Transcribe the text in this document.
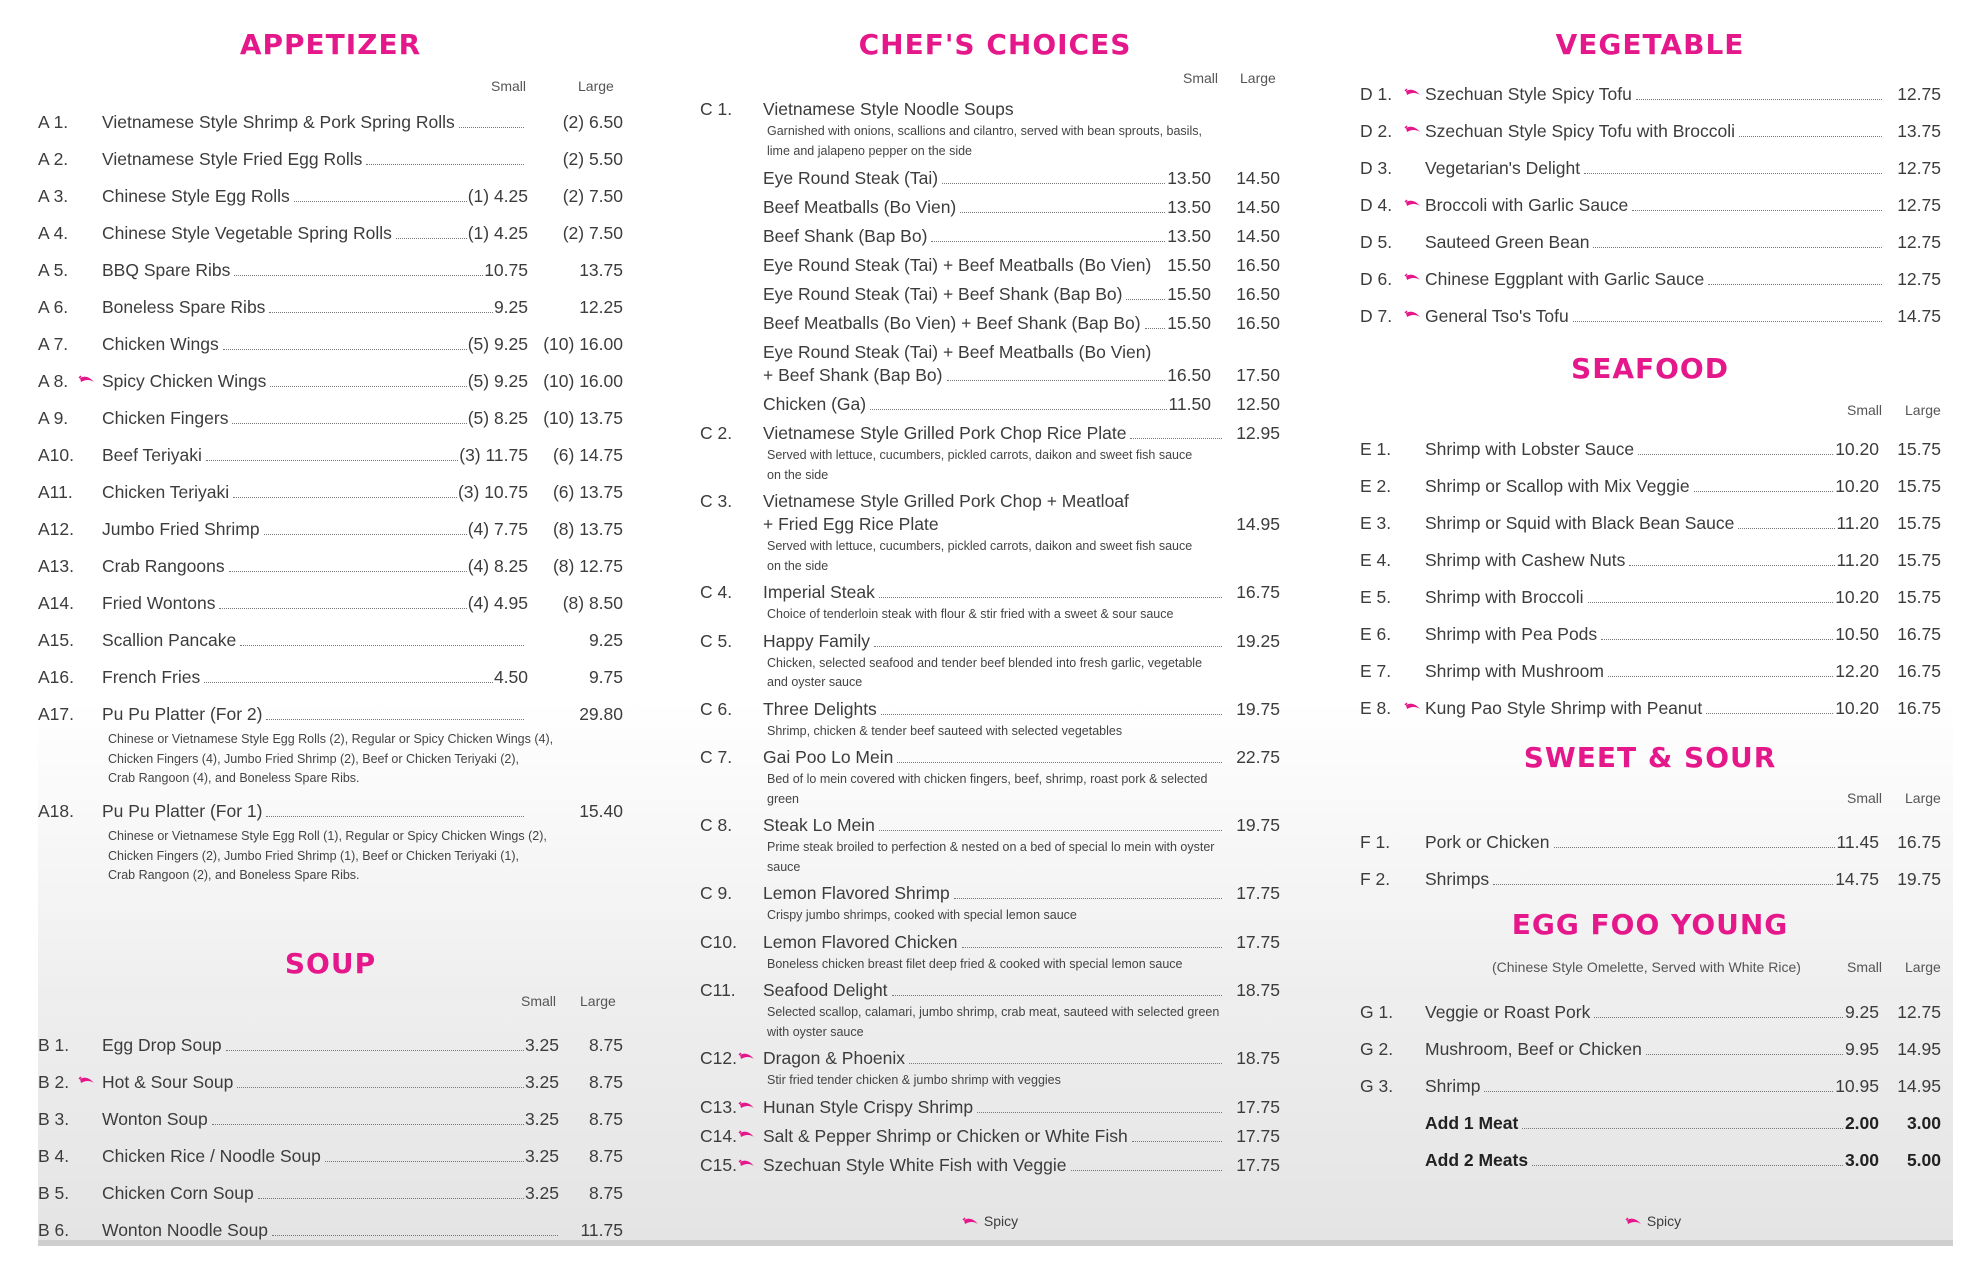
APPETIZER
Small	Large
A 1. Vietnamese Style Shrimp & Pork Spring Rolls	(2) 6.50
A 2. Vietnamese Style Fried Egg Rolls	(2) 5.50
A 3. Chinese Style Egg Rolls	(1) 4.25 (2) 7.50
A 4. Chinese Style Vegetable Spring Rolls	(1) 4.25 (2) 7.50
A 5. BBQ Spare Ribs	10.75	13.75
A 6. Boneless Spare Ribs	9.25	12.25
A 7. Chicken Wings	(5) 9.25 (10) 16.00
A 8. Spicy Chicken Wings	(5) 9.25 (10) 16.00
A 9. Chicken Fingers	(5) 8.25 (10) 13.75
A10. Beef Teriyaki	(3) 11.75 (6) 14.75
A11. Chicken Teriyaki	(3) 10.75 (6) 13.75
A12. Jumbo Fried Shrimp	(4) 7.75 (8) 13.75
A13. Crab Rangoons	(4) 8.25 (8) 12.75
A14. Fried Wontons	(4) 4.95 (8) 8.50
A15. Scallion Pancake	9.25
A16. French Fries	4.50	9.75
A17. Pu Pu Platter (For 2)	29.80
Chinese or Vietnamese Style Egg Rolls (2), Regular or Spicy Chicken Wings (4),
Chicken Fingers (4), Jumbo Fried Shrimp (2), Beef or Chicken Teriyaki (2),
Crab Rangoon (4), and Boneless Spare Ribs.
A18. Pu Pu Platter (For 1)	15.40
Chinese or Vietnamese Style Egg Roll (1), Regular or Spicy Chicken Wings (2),
Chicken Fingers (2), Jumbo Fried Shrimp (1), Beef or Chicken Teriyaki (1),
Crab Rangoon (2), and Boneless Spare Ribs.
SOUP
Small Large
B 1. Egg Drop Soup	3.25 8.75
B 2. Hot & Sour Soup	3.25 8.75
B 3. Wonton Soup	3.25 8.75
B 4. Chicken Rice / Noodle Soup	3.25 8.75
B 5. Chicken Corn Soup	3.25 8.75
B 6. Wonton Noodle Soup	11.75
CHEF'S CHOICES
Small Large
C 1. Vietnamese Style Noodle Soups
Garnished with onions, scallions and cilantro, served with bean sprouts, basils,
lime and jalapeno pepper on the side
Eye Round Steak (Tai)	13.50 14.50
Beef Meatballs (Bo Vien)	13.50 14.50
Beef Shank (Bap Bo)	13.50 14.50
Eye Round Steak (Tai) + Beef Meatballs (Bo Vien) 15.50 16.50
Eye Round Steak (Tai) + Beef Shank (Bap Bo)	15.50 16.50
Beef Meatballs (Bo Vien) + Beef Shank (Bap Bo) 15.50 16.50
Eye Round Steak (Tai) + Beef Meatballs (Bo Vien)
+ Beef Shank (Bap Bo)	16.50 17.50
Chicken (Ga)	11.50 12.50
C 2. Vietnamese Style Grilled Pork Chop Rice Plate	12.95
Served with lettuce, cucumbers, pickled carrots, daikon and sweet fish sauce
on the side
C 3. Vietnamese Style Grilled Pork Chop + Meatloaf
+ Fried Egg Rice Plate	14.95
Served with lettuce, cucumbers, pickled carrots, daikon and sweet fish sauce
on the side
C 4. Imperial Steak	16.75
Choice of tenderloin steak with flour & stir fried with a sweet & sour sauce
C 5. Happy Family	19.25
Chicken, selected seafood and tender beef blended into fresh garlic, vegetable
and oyster sauce
C 6. Three Delights	19.75
Shrimp, chicken & tender beef sauteed with selected vegetables
C 7. Gai Poo Lo Mein	22.75
Bed of lo mein covered with chicken fingers, beef, shrimp, roast pork & selected
green
C 8. Steak Lo Mein	19.75
Prime steak broiled to perfection & nested on a bed of special lo mein with oyster
sauce
C 9. Lemon Flavored Shrimp	17.75
Crispy jumbo shrimps, cooked with special lemon sauce
C10. Lemon Flavored Chicken	17.75
Boneless chicken breast filet deep fried & cooked with special lemon sauce
C11. Seafood Delight	18.75
Selected scallop, calamari, jumbo shrimp, crab meat, sauteed with selected green
with oyster sauce
C12. Dragon & Phoenix	18.75
Stir fried tender chicken & jumbo shrimp with veggies
C13. Hunan Style Crispy Shrimp	17.75
C14. Salt & Pepper Shrimp or Chicken or White Fish	17.75
C15. Szechuan Style White Fish with Veggie	17.75
Spicy
VEGETABLE
D 1. Szechuan Style Spicy Tofu	12.75
D 2. Szechuan Style Spicy Tofu with Broccoli	13.75
D 3. Vegetarian's Delight	12.75
D 4. Broccoli with Garlic Sauce	12.75
D 5. Sauteed Green Bean	12.75
D 6. Chinese Eggplant with Garlic Sauce	12.75
D 7. General Tso's Tofu	14.75
SEAFOOD
Small Large
E 1. Shrimp with Lobster Sauce	10.20 15.75
E 2. Shrimp or Scallop with Mix Veggie	10.20 15.75
E 3. Shrimp or Squid with Black Bean Sauce	11.20 15.75
E 4. Shrimp with Cashew Nuts	11.20 15.75
E 5. Shrimp with Broccoli	10.20 15.75
E 6. Shrimp with Pea Pods	10.50 16.75
E 7. Shrimp with Mushroom	12.20 16.75
E 8. Kung Pao Style Shrimp with Peanut	10.20 16.75
SWEET & SOUR
Small Large
F 1. Pork or Chicken	11.45 16.75
F 2. Shrimps	14.75 19.75
EGG FOO YOUNG
(Chinese Style Omelette, Served with White Rice)	Small Large
G 1. Veggie or Roast Pork	9.25 12.75
G 2. Mushroom, Beef or Chicken	9.95 14.95
G 3. Shrimp	10.95 14.95
Add 1 Meat	2.00 3.00
Add 2 Meats	3.00 5.00
Spicy
